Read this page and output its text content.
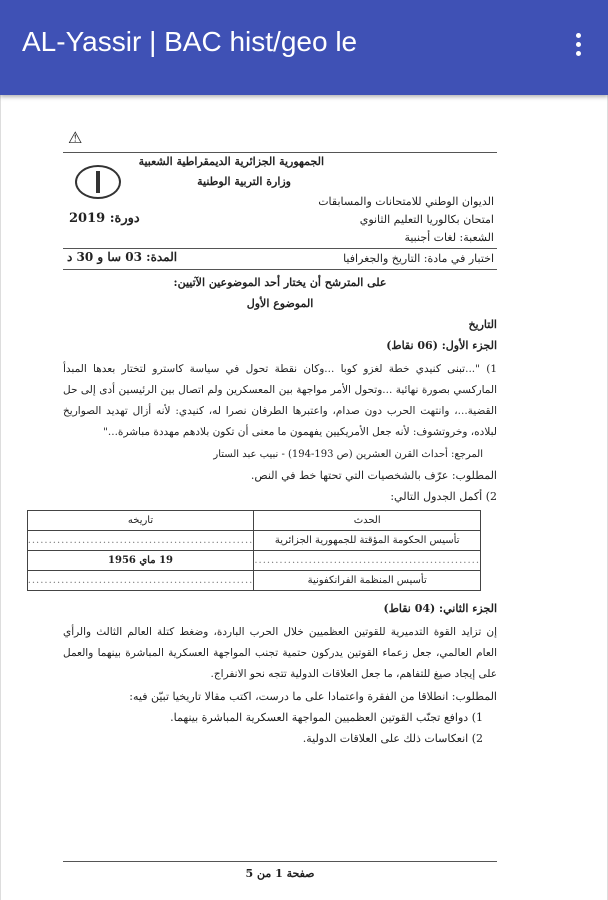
AL-Yassir | BAC hist/geo le
⚠
الجمهورية الجزائرية الديمقراطية الشعبية
وزارة التربية الوطنية
الديوان الوطني للامتحانات والمسابقات
امتحان بكالوريا التعليم الثانوي
الشعبة: لغات أجنبية
دورة: 2019
اختبار في مادة: التاريخ والجغرافيا
المدة: 03 سا و 30 د
على المترشح أن يختار أحد الموضوعين الآتيين:
الموضوع الأول
التاريخ
الجزء الأول: (06 نقاط)
1) "...تبنى كنيدي خطة لغزو كوبا ...وكان نقطة تحول في سياسة كاسترو لتختار بعدها المبدأ الماركسي بصورة نهائية ...وتحول الأمر مواجهة بين المعسكرين ولم اتصال بين الرئيسين أدى إلى حل القضية...، وانتهت الحرب دون صدام، واعتبرها الطرفان نصرا له، كنيدي: لأنه أزال تهديد الصواريخ لبلاده، وخروتشوف: لأنه جعل الأمريكيين يفهمون ما معنى أن تكون بلادهم مهددة مباشرة..."
المرجع: أحداث القرن العشرين (ص 193-194) - نبيب عبد الستار
المطلوب: عرّف بالشخصيات التي تحتها خط في النص.
2) أكمل الجدول التالي:
الحدث	تاريخه
تأسيس الحكومة المؤقتة للجمهورية الجزائرية	......................................................
......................................................	19 ماي 1956
تأسيس المنظمة الفرانكفونية	......................................................
الجزء الثاني: (04 نقاط)
إن تزايد القوة التدميرية للقوتين العظميين خلال الحرب الباردة، وضغط كتلة العالم الثالث والرأي العام العالمي، جعل زعماء القوتين يدركون حتمية تجنب المواجهة العسكرية المباشرة بينهما والعمل على إيجاد صيغ للتفاهم، ما جعل العلاقات الدولية تتجه نحو الانفراج.
المطلوب: انطلاقا من الفقرة واعتمادا على ما درست، اكتب مقالا تاريخيا تبيّن فيه:
1) دوافع تجنّب القوتين العظميين المواجهة العسكرية المباشرة بينهما.
2) انعكاسات ذلك على العلاقات الدولية.
صفحة 1 من 5
